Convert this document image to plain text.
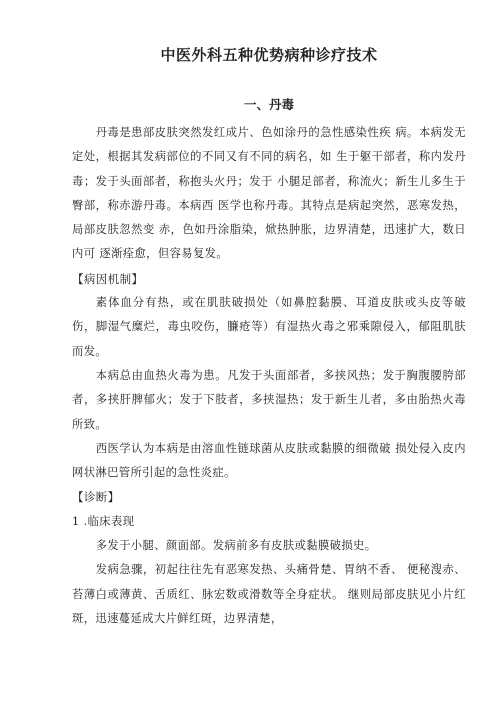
中医外科五种优势病种诊疗技术
一、丹毒

丹毒是患部皮肤突然发红成片、色如涂丹的急性感染性疾 病。本病发无定处，根据其发病部位的不同又有不同的病名，如 生于躯干部者，称内发丹毒；发于头面部者，称抱头火丹；发于 小腿足部者，称流火；新生儿多生于臀部，称赤游丹毒。本病西 医学也称丹毒。其特点是病起突然，恶寒发热，局部皮肤忽然变 赤，色如丹涂脂染，焮热肿胀，边界清楚，迅速扩大，数日内可 逐渐痊愈，但容易复发。

【病因机制】

素体血分有热，或在肌肤破损处（如鼻腔黏膜、耳道皮肤或头皮等破伤，脚湿气糜烂，毒虫咬伤，臁疮等）有湿热火毒之邪乘隙侵入，郁阻肌肤而发。

本病总由血热火毒为患。凡发于头面部者，多挟风热；发于胸腹腰胯部者，多挟肝脾郁火；发于下肢者，多挟湿热；发于新生儿者，多由胎热火毒所致。

西医学认为本病是由溶血性链球菌从皮肤或黏膜的细微破 损处侵入皮内网状淋巴管所引起的急性炎症。

【诊断】

1 .临床表现

多发于小腿、颜面部。发病前多有皮肤或黏膜破损史。

发病急骤，初起往往先有恶寒发热、头痛骨楚、胃纳不香、 便秘溲赤、苔薄白或薄黄、舌质红、脉宏数或滑数等全身症状。 继则局部皮肤见小片红斑，迅速蔓延成大片鲜红斑，边界清楚，
